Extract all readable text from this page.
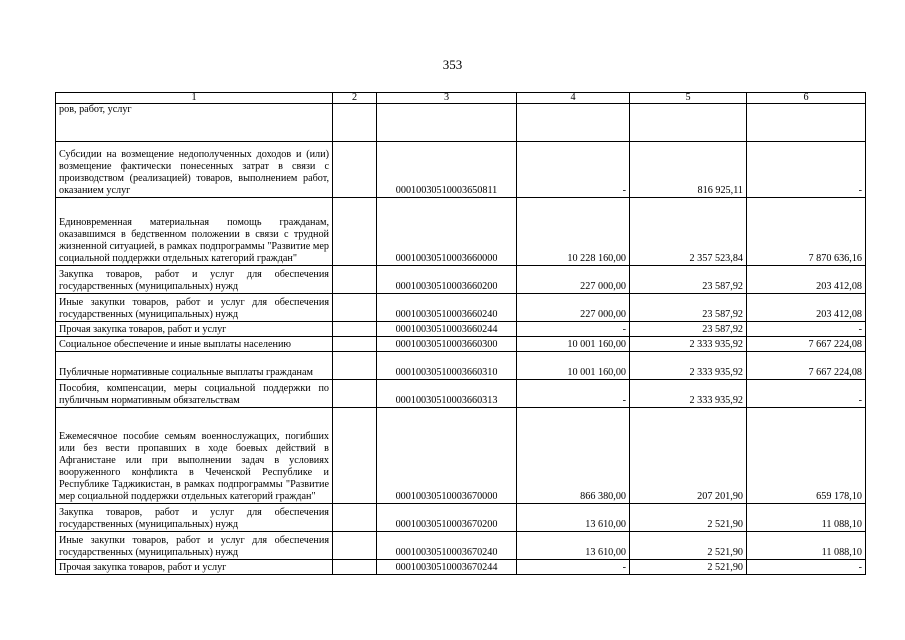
353
1	2	3	4	5	6
ров, работ, услуг					
Субсидии на возмещение недополученных доходов и (или) возмещение фактически понесенных затрат в связи с производством (реализацией) товаров, выполнением работ, оказанием услуг		00010030510003650811	-	816 925,11	-
Единовременная материальная помощь гражданам, оказавшимся в бедственном положении в связи с трудной жизненной ситуацией, в рамках подпрограммы "Развитие мер социальной поддержки отдельных категорий граждан"		00010030510003660000	10 228 160,00	2 357 523,84	7 870 636,16
Закупка товаров, работ и услуг для обеспечения государственных (муниципальных) нужд		00010030510003660200	227 000,00	23 587,92	203 412,08
Иные закупки товаров, работ и услуг для обеспечения государственных (муниципальных) нужд		00010030510003660240	227 000,00	23 587,92	203 412,08
Прочая закупка товаров, работ и услуг		00010030510003660244	-	23 587,92	-
Социальное обеспечение и иные выплаты населению		00010030510003660300	10 001 160,00	2 333 935,92	7 667 224,08
Публичные нормативные социальные выплаты гражданам		00010030510003660310	10 001 160,00	2 333 935,92	7 667 224,08
Пособия, компенсации, меры социальной поддержки по публичным нормативным обязательствам		00010030510003660313	-	2 333 935,92	-
Ежемесячное пособие семьям военнослужащих, погибших или без вести пропавших в ходе боевых действий в Афганистане или при выполнении задач в условиях вооруженного конфликта в Чеченской Республике и Республике Таджикистан, в рамках подпрограммы "Развитие мер социальной поддержки отдельных категорий граждан"		00010030510003670000	866 380,00	207 201,90	659 178,10
Закупка товаров, работ и услуг для обеспечения государственных (муниципальных) нужд		00010030510003670200	13 610,00	2 521,90	11 088,10
Иные закупки товаров, работ и услуг для обеспечения государственных (муниципальных) нужд		00010030510003670240	13 610,00	2 521,90	11 088,10
Прочая закупка товаров, работ и услуг		00010030510003670244	-	2 521,90	-
